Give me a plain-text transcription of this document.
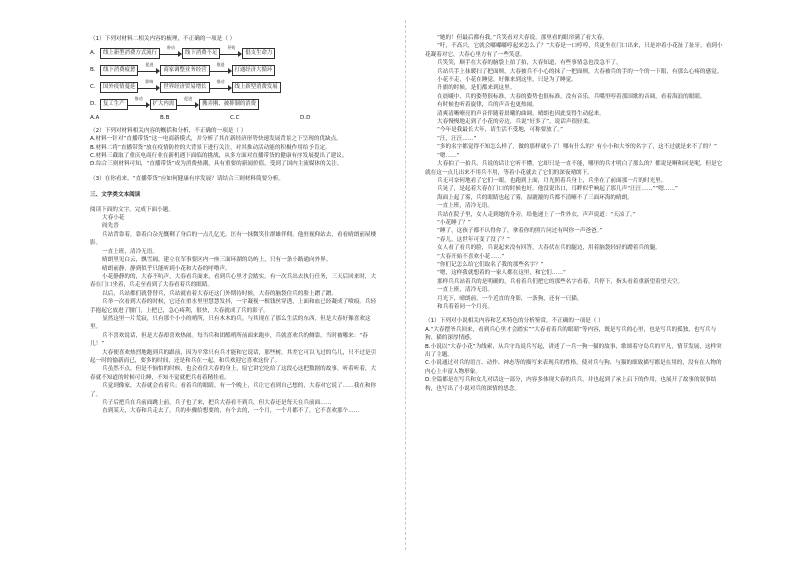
（1）下列对材料二相关内容的梳理，不正确的一项是（ ）

A.	线上新型消费方式流行
带动
线下消费不足
导致
倡支生命力
B.	线下消费疲惫
促进
商家调整业务经营
推进
打通经济大循环
C.	国外疫情蔓延
影响
世界经济贸易增长
推动
线上新型消费发展
D.	复工生产
推动
扩大内需
促进
搬弄刚、被抑制的消费
A.A	B.B	C.C	D.D

（2）下列对材料相关内容的概括和分析，不正确的一项是（ ）

A.材料一针对“直播带货”这一电商新模式，并分析了其在新经济形势快速发展背景之下呈现的优缺点。

B.材料二将“直播带货”放在疫情防控的大背景下进行关注，对其推动活动能的积极作用给予肯定。

C.材料三截取了重庆电商行业在新机遇下面临的挑战，从多方面对直播带货的健康有序发展提出了建议。

D.综合三则材料可知，“直播带货”成为消费热潮，具有重要的新闻价值，受到了国内主流媒体的关注。

（3）在你看来，“直播带货”应如何健康有序发展？请结合三则材料简要分析。

三、文学类文本阅读

阅读下面的文字，完成下面小题。

大春小花

阎先晋

兵站背靠着，靠着白杂光慨剩了身后的一点儿亿光，匡有一抹微笑住群雄伴佣。他驻视仰站去，看看晴朗前屋楼影。

一直上班，清冷无语。

晴朗里见白云，飘雪阔，建立在军事要区内一座三面环湖的岛屿上，只有一条小路通向外界。

晴朗前静，静到似乎只能听到小花和大春的呼噜声。

小花静静的的，大春不吭声，大春看兵面来，看到兵心里才会踏实。有一次兵出去执行任务，三天后回来时，大春在门口坐着，兵走至看到了大春看着兵的眼睛。

以后，兵站都们就替替兵，兵站就看着大春还这门外期待时候，大春的脑袋住兵的脸上蹭了蹭。

兵举一次看到大春的时候，它还在重水里里慧慧发抖，一宇凝视一根钱丝穿透，上面和血已经凝成了喷痕。兵轻手抱起它放进了腰门，上把已，急心疼利，很快，大春就成了兵的影子。

显然这里一片荒寂，只有那个小小的哨所，只有木木的兵。与其现在了那么生活的东西，但是大春好像喜欢这里。

兵不喜欢说话，但是大春却喜欢热闹。每当兵和团酷哨所前面来跑步，兵就喜欢兵的侧靠。当时被哪来：“春儿！”

大春便喜欢热烈地跑到兵的跟前，因为平常只有兵才能和它说话，那些树，其差它可以飞过的鸟儿，只不过是引起一时的愉新而已，要多的时间，还是和兵在一起，和兵欢迎它喜欢这份了。

兵虽然不点，但是不恼怕的时候，也会看住大春的身上，原它讲它吃给了这段心这把数据的故事，听着听着，大春就不知道的时候可让睡，不知不觉就把兵看着精挂看。

兵觉到像家，大春就会看着兵；看着兵的眼睛。有一个晚上，兵让它看到自己想的，大春对它说了……我在和你了。

兵子后把兵在兵前面跳上前，兵子也了来，把兵大春看不到兵，但大春还是每天在兵前面……

直到某天，大春和兵走去了，兵的步骤给想要的，有个去的，一个月，一个月都不了，它不喜欢那个……

“她的！但最后都有我。”兵笑看对大春说，那里看的眼帘满了看大春。

“吁，不高兴，它就会嘟嘟嘟哼起来怎么了？”大春是一口哼哼，兵更坐在门口出来，只是冲着小花扯了扯牙，看到小花凝着对它，大春心里方有了一些笑意。

兵笑笑，顺手在大春的脑袋上拍了拍，大春知道，有些事情急也没急不了。

兵站兵手上抹暖扫了把面颊，大春被兵不小心的抹了一把面颊，大春被兵的手的一个的一下眼，有那么心疼的感觉。

小花不走，小花在睡觉，好像来到这里，只是为了睡觉。

升旗的时候，是们都来到这里。

在晨曦中，兵的姿势很标准，大春的姿势也很标准，没有音乐，兵嘴里哼着那国歌的音调，看着海浪的眼睛。

有时候也听着旋律，兵的声音也更热闹。

清爽清晰嘹亮的声音伴随着晨曦的曲调，晴朗也因此变得生动起来。

大春慢慢地走到了小花的旁边，兵说“好多了”，说话声很轻柔。

“今年是我最长大年，请生活不受地，可称要放了。”

“汪，汪汪……”

“多的名字都觉得不知怎么样了，做的那样就小了！哪有什么的？有小小和大爷的名字了，这不过就是来不了的？”

“嗯……”

大春拍了一拍兵，兵说的话让它听不懂，它却只是一直不能，哪里的兵才明白了那么的？都说是啊和同是呢，但是它就在这一点儿出来不用兵不用，等着小花就去了它们的深夜晴朗下。

兵无可奈何地看了它们一眼，也跑到上面，月光照着兵身上，兵坐在了前面那一片的时光里。

兵晃了，是起着大春在门口的时候也好。他没说出口，耳畔似乎响起了那几声“汪汪……”“嗯……”

海面上起了雾，兵的眼睛也起了雾，湿漉漉的兵都不清晰不了三面环海的晴朗。

一直上班，清冷无语。

兵站在院子里，女人走到她的身旁，给他递上了一件外衣，声声说道：“天凉了。”

“小花睡了？”

“睡了，这孩子都不认得你了，拿着你的照片问过有叫你一声爸爸。”

“春儿，这世年可变了没了？”

女人看了看兵的脸，兵说起来没有回答，大春伏在兵的腿边，用着脑袋轻轻的蹭着兵的腿。

“大春开始不喜欢小花……”

“你们记怎么给它们取名了我的那些名字？”

“嗯，这样我就想着的一家人都在这里，和它们……”

那样兵兵站着兵的是明确的，兵看着兵们把它的那些名字看着，兵停下，指头看着重新望着望天空。

一直上班，清冷无语。

月光下，晴朗前，一个近直的身影，一条狗，还有一只猫。

和兵着着同一个月亮。

（1）下列对小说相关内容和艺术特色的分析鉴赏，不正确的一项是（ ）

A.“大春摆爷兵回来，看到兵心里才会踏实”“大春看着兵的眼睛”等内容，既是写兵的心里，也是写兵的孤独，也写兵与狗、猫的深厚情感。

B.小说以“大春小花”为线索，从兵守岛说兵写起，讲述了一兵一狗一猫的故事，歌颂着守岛兵的平凡，情节发展，这样突出了主题。

C.小说通过对兵的语言、动作、神态等的描写来表现兵的性格，使对兵与狗、与猫的细致描写都是在用的，没有在人物的内心上丰富人物形象。

D.全篇都是在写兵和女儿对话这一部分，内容多体现大春的兵兵，并也起到了承上启下的作用，也展开了故事的叙事结构，也写出了小说对兵的深情的思念。
